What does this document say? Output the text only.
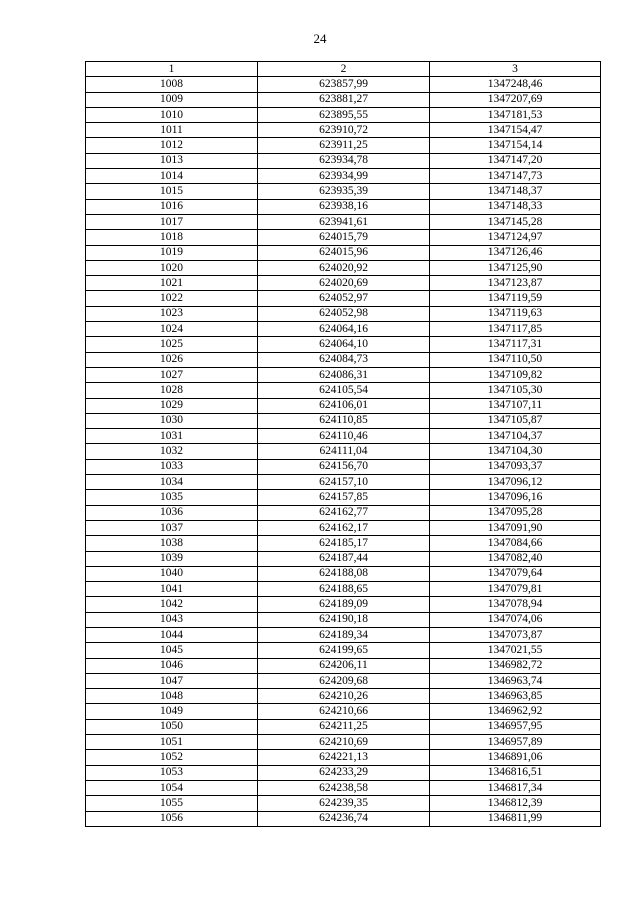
24
1	2	3
1008	623857,99	1347248,46
1009	623881,27	1347207,69
1010	623895,55	1347181,53
1011	623910,72	1347154,47
1012	623911,25	1347154,14
1013	623934,78	1347147,20
1014	623934,99	1347147,73
1015	623935,39	1347148,37
1016	623938,16	1347148,33
1017	623941,61	1347145,28
1018	624015,79	1347124,97
1019	624015,96	1347126,46
1020	624020,92	1347125,90
1021	624020,69	1347123,87
1022	624052,97	1347119,59
1023	624052,98	1347119,63
1024	624064,16	1347117,85
1025	624064,10	1347117,31
1026	624084,73	1347110,50
1027	624086,31	1347109,82
1028	624105,54	1347105,30
1029	624106,01	1347107,11
1030	624110,85	1347105,87
1031	624110,46	1347104,37
1032	624111,04	1347104,30
1033	624156,70	1347093,37
1034	624157,10	1347096,12
1035	624157,85	1347096,16
1036	624162,77	1347095,28
1037	624162,17	1347091,90
1038	624185,17	1347084,66
1039	624187,44	1347082,40
1040	624188,08	1347079,64
1041	624188,65	1347079,81
1042	624189,09	1347078,94
1043	624190,18	1347074,06
1044	624189,34	1347073,87
1045	624199,65	1347021,55
1046	624206,11	1346982,72
1047	624209,68	1346963,74
1048	624210,26	1346963,85
1049	624210,66	1346962,92
1050	624211,25	1346957,95
1051	624210,69	1346957,89
1052	624221,13	1346891,06
1053	624233,29	1346816,51
1054	624238,58	1346817,34
1055	624239,35	1346812,39
1056	624236,74	1346811,99
